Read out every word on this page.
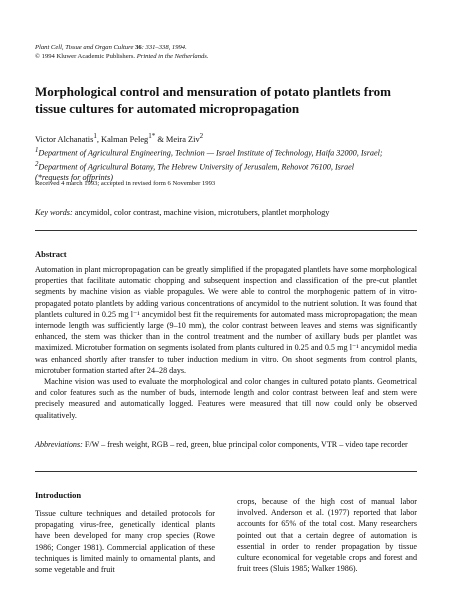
Plant Cell, Tissue and Organ Culture 36: 331–338, 1994.
© 1994 Kluwer Academic Publishers. Printed in the Netherlands.
Morphological control and mensuration of potato plantlets from tissue cultures for automated micropropagation
Victor Alchanatis$^1$, Kalman Peleg$^{1*}$ & Meira Ziv$^2$
$^1$Department of Agricultural Engineering, Technion — Israel Institute of Technology, Haifa 32000, Israel; $^2$Department of Agricultural Botany, The Hebrew University of Jerusalem, Rehovot 76100, Israel
(*requests for offprints)
Received 4 march 1993; accepted in revised form 6 November 1993
Key words: ancymidol, color contrast, machine vision, microtubers, plantlet morphology
Abstract

Automation in plant micropropagation can be greatly simplified if the propagated plantlets have some morphological properties that facilitate automatic chopping and subsequent inspection and classification of the pre-cut plantlet segments by machine vision as viable propagules. We were able to control the morphogenic pattern of in vitro-propagated potato plantlets by adding various concentrations of ancymidol to the nutrient solution. It was found that plantlets cultured in 0.25 mg l⁻¹ ancymidol best fit the requirements for automated mass micropropagation; the mean internode length was sufficiently large (9–10 mm), the color contrast between leaves and stems was significantly enhanced, the stem was thicker than in the control treatment and the number of axillary buds per plantlet was maximized. Microtuber formation on segments isolated from plants cultured in 0.25 and 0.5 mg l⁻¹ ancymidol media was enhanced shortly after transfer to tuber induction medium in vitro. On shoot segments from control plants, microtuber formation started after 24–28 days.

Machine vision was used to evaluate the morphological and color changes in cultured potato plants. Geometrical and color features such as the number of buds, internode length and color contrast between leaf and stem were precisely measured and automatically logged. Features were measured that till now could only be observed qualitatively.

Abbreviations: F/W – fresh weight, RGB – red, green, blue principal color components, VTR – video tape recorder
Introduction

Tissue culture techniques and detailed protocols for propagating virus-free, genetically identical plants have been developed for many crop species (Rowe 1986; Conger 1981). Commercial application of these techniques is limited mainly to ornamental plants, and some vegetable and fruit

crops, because of the high cost of manual labor involved. Anderson et al. (1977) reported that labor accounts for 65% of the total cost. Many researchers pointed out that a certain degree of automation is essential in order to render propagation by tissue culture economical for vegetable crops and forest and fruit trees (Sluis 1985; Walker 1986).
